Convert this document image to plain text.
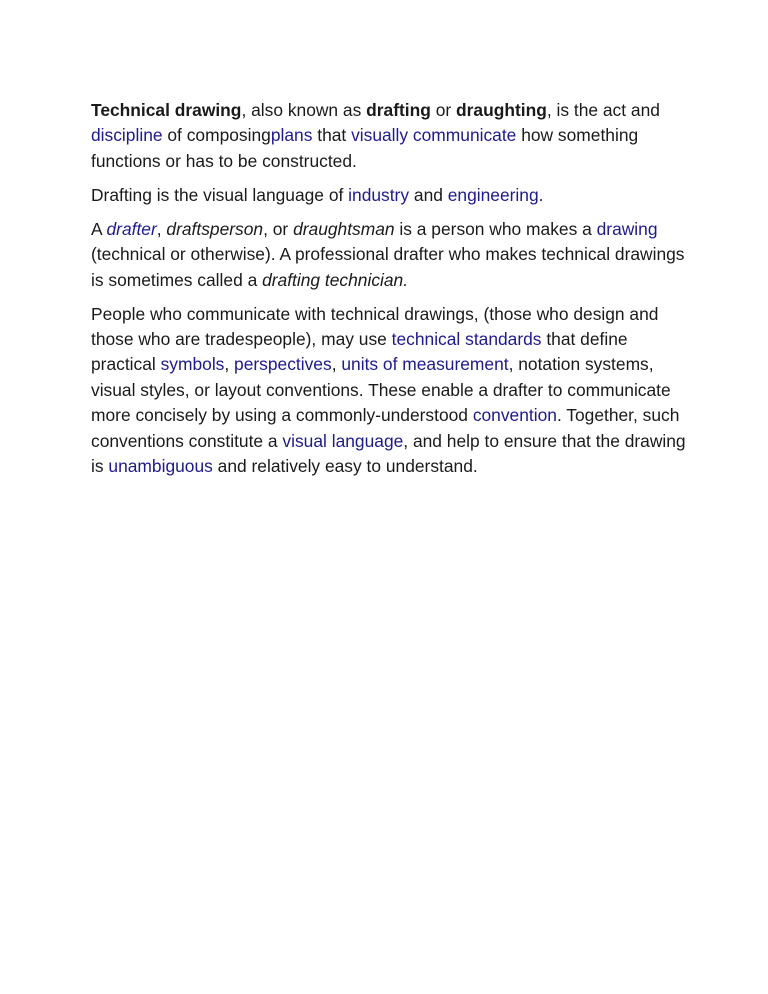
Technical drawing, also known as drafting or draughting, is the act and discipline of composingplans that visually communicate how something functions or has to be constructed.

Drafting is the visual language of industry and engineering.

A drafter, draftsperson, or draughtsman is a person who makes a drawing (technical or otherwise). A professional drafter who makes technical drawings is sometimes called a drafting technician.

People who communicate with technical drawings, (those who design and those who are tradespeople), may use technical standards that define practical symbols, perspectives, units of measurement, notation systems, visual styles, or layout conventions. These enable a drafter to communicate more concisely by using a commonly-understood convention. Together, such conventions constitute a visual language, and help to ensure that the drawing is unambiguous and relatively easy to understand.
